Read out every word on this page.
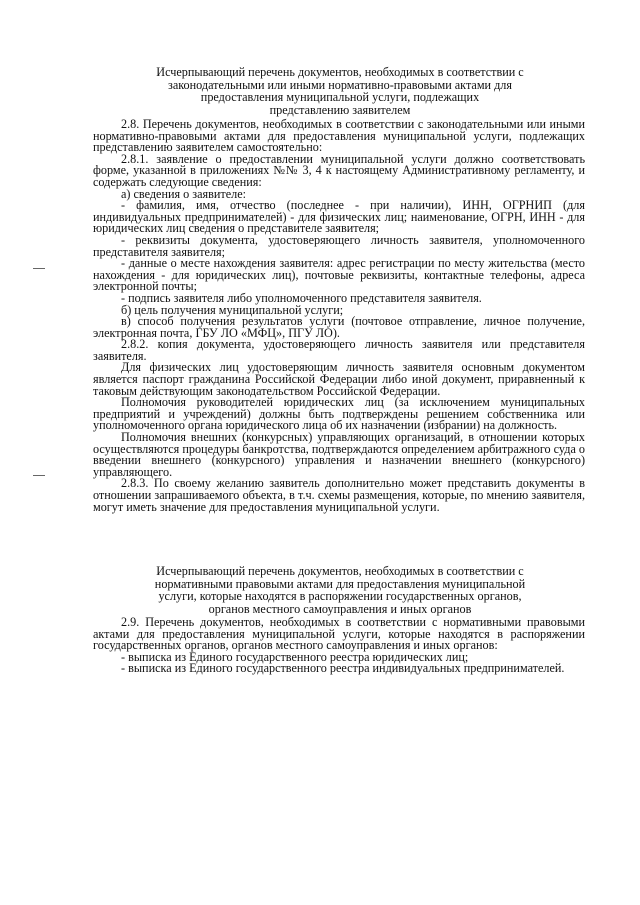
Исчерпывающий перечень документов, необходимых в соответствии с
законодательными или иными нормативно-правовыми актами для
предоставления муниципальной услуги, подлежащих
представлению заявителем

2.8. Перечень документов, необходимых в соответствии с законодательными или иными нормативно-правовыми актами для предоставления муниципальной услуги, подлежащих представлению заявителем самостоятельно:

2.8.1. заявление о предоставлении муниципальной услуги должно соответствовать форме, указанной в приложениях №№ 3, 4 к настоящему Административному регламенту, и содержать следующие сведения:

а) сведения о заявителе:

- фамилия, имя, отчество (последнее - при наличии), ИНН, ОГРНИП (для индивидуальных предпринимателей) - для физических лиц; наименование, ОГРН, ИНН - для юридических лиц сведения о представителе заявителя;

- реквизиты документа, удостоверяющего личность заявителя, уполномоченного представителя заявителя;

- данные о месте нахождения заявителя: адрес регистрации по месту жительства (место нахождения - для юридических лиц), почтовые реквизиты, контактные телефоны, адреса электронной почты;

- подпись заявителя либо уполномоченного представителя заявителя.

б) цель получения муниципальной услуги;

в) способ получения результатов услуги (почтовое отправление, личное получение, электронная почта, ГБУ ЛО «МФЦ», ПГУ ЛО).

2.8.2. копия документа, удостоверяющего личность заявителя или представителя заявителя.

Для физических лиц удостоверяющим личность заявителя основным документом является паспорт гражданина Российской Федерации либо иной документ, приравненный к таковым действующим законодательством Российской Федерации.

Полномочия руководителей юридических лиц (за исключением муниципальных предприятий и учреждений) должны быть подтверждены решением собственника или уполномоченного органа юридического лица об их назначении (избрании) на должность.

Полномочия внешних (конкурсных) управляющих организаций, в отношении которых осуществляются процедуры банкротства, подтверждаются определением арбитражного суда о введении внешнего (конкурсного) управления и назначении внешнего (конкурсного) управляющего.

2.8.3. По своему желанию заявитель дополнительно может представить документы в отношении запрашиваемого объекта, в т.ч. схемы размещения, которые, по мнению заявителя, могут иметь значение для предоставления муниципальной услуги.

Исчерпывающий перечень документов, необходимых в соответствии с
нормативными правовыми актами для предоставления муниципальной
услуги, которые находятся в распоряжении государственных органов,
органов местного самоуправления и иных органов

2.9. Перечень документов, необходимых в соответствии с нормативными правовыми актами для предоставления муниципальной услуги, которые находятся в распоряжении государственных органов, органов местного самоуправления и иных органов:

- выписка из Единого государственного реестра юридических лиц;

- выписка из Единого государственного реестра индивидуальных предпринимателей.
